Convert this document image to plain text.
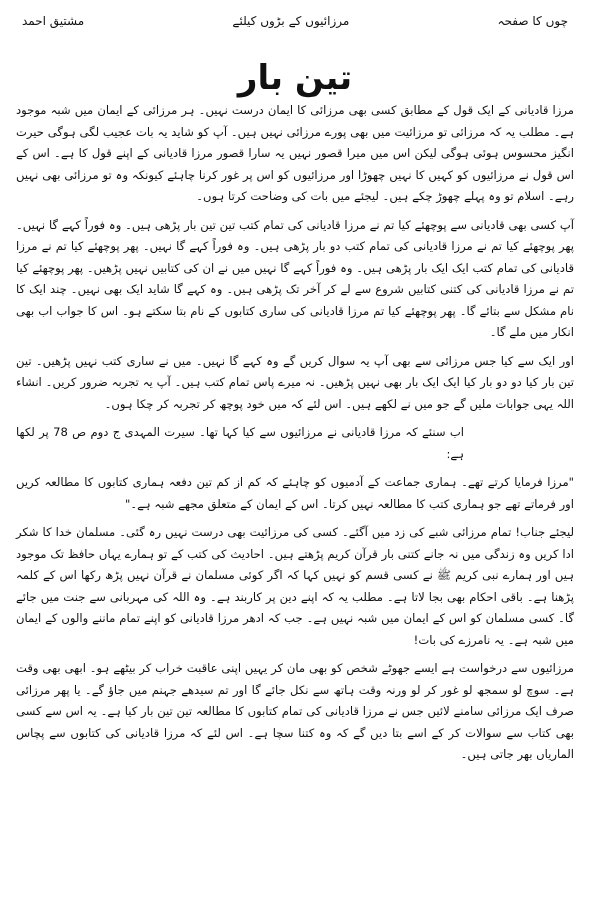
چوں کا صفحہ
مرزائیوں کے بڑوں کیلئے
مشتیق احمد
تین بار

مرزا قادیانی کے ایک قول کے مطابق کسی بھی مرزائی کا ایمان درست نہیں۔ ہر مرزائی کے ایمان میں شبہ موجود ہے۔ مطلب یہ کہ مرزائی تو مرزائیت میں بھی پورے مرزائی نہیں ہیں۔ آپ کو شاید یہ بات عجیب لگی ہوگی حیرت انگیز محسوس ہوئی ہوگی لیکن اس میں میرا قصور نہیں یہ سارا قصور مرزا قادیانی کے اپنے قول کا ہے۔ اس کے اس قول نے مرزائیوں کو کہیں کا نہیں چھوڑا اور مرزائیوں کو اس پر غور کرنا چاہئے کیونکہ وہ تو مرزائی بھی نہیں رہے۔ اسلام تو وہ پہلے چھوڑ چکے ہیں۔ لیجئے میں بات کی وضاحت کرتا ہوں۔

آپ کسی بھی قادیانی سے پوچھئے کیا تم نے مرزا قادیانی کی تمام کتب تین تین بار پڑھی ہیں۔ وہ فوراً کہے گا نہیں۔ پھر پوچھئے کیا تم نے مرزا قادیانی کی تمام کتب دو بار پڑھی ہیں۔ وہ فوراً کہے گا نہیں۔ پھر پوچھئے کیا تم نے مرزا قادیانی کی تمام کتب ایک ایک بار پڑھی ہیں۔ وہ فوراً کہے گا نہیں میں نے ان کی کتابیں نہیں پڑھیں۔ پھر پوچھئے کیا تم نے مرزا قادیانی کی کتنی کتابیں شروع سے لے کر آخر تک پڑھی ہیں۔ وہ کہے گا شاید ایک بھی نہیں۔ چند ایک کا نام مشکل سے بتائے گا۔ پھر پوچھئے کیا تم مرزا قادیانی کی ساری کتابوں کے نام بتا سکتے ہو۔ اس کا جواب اب بھی انکار میں ملے گا۔

اور ایک سے کیا جس مرزائی سے بھی آپ یہ سوال کریں گے وہ کہے گا نہیں۔ میں نے ساری کتب نہیں پڑھیں۔ تین تین بار کیا دو دو بار کیا ایک ایک بار بھی نہیں پڑھیں۔ نہ میرے پاس تمام کتب ہیں۔ آپ یہ تجربہ ضرور کریں۔ انشاء اللہ یہی جوابات ملیں گے جو میں نے لکھے ہیں۔ اس لئے کہ میں خود پوچھ کر تجربہ کر چکا ہوں۔

اب سنئے کہ مرزا قادیانی نے مرزائیوں سے کیا کہا تھا۔ سیرت المہدی ج دوم ص 78 پر لکھا ہے:

"مرزا فرمایا کرتے تھے۔ ہماری جماعت کے آدمیوں کو چاہئے کہ کم از کم تین دفعہ ہماری کتابوں کا مطالعہ کریں اور فرماتے تھے جو ہماری کتب کا مطالعہ نہیں کرتا۔ اس کے ایمان کے متعلق مجھے شبہ ہے۔"

لیجئے جناب! تمام مرزائی شبے کی زد میں آگئے۔ کسی کی مرزائیت بھی درست نہیں رہ گئی۔ مسلمان خدا کا شکر ادا کریں وہ زندگی میں نہ جانے کتنی بار قرآن کریم پڑھتے ہیں۔ احادیث کی کتب کے تو ہمارے یہاں حافظ تک موجود ہیں اور ہمارے نبی کریم ﷺ نے کسی قسم کو نہیں کہا کہ اگر کوئی مسلمان نے قرآن نہیں پڑھ رکھا اس کے کلمہ پڑھنا ہے۔ باقی احکام بھی بجا لاتا ہے۔ مطلب یہ کہ اپنے دین پر کاربند ہے۔ وہ اللہ کی مہربانی سے جنت میں جائے گا۔ کسی مسلمان کو اس کے ایمان میں شبہ نہیں ہے۔ جب کہ ادھر مرزا قادیانی کو اپنے تمام ماننے والوں کے ایمان میں شبہ ہے۔ یہ نامرزے کی بات!

مرزائیوں سے درخواست ہے ایسے جھوٹے شخص کو بھی مان کر یہیں اپنی عاقبت خراب کر بیٹھے ہو۔ ابھی بھی وقت ہے۔ سوچ لو سمجھ لو غور کر لو ورنہ وقت ہاتھ سے نکل جائے گا اور تم سیدھے جہنم میں جاؤ گے۔ یا پھر مرزائی صرف ایک مرزائی سامنے لائیں جس نے مرزا قادیانی کی تمام کتابوں کا مطالعہ تین تین بار کیا ہے۔ یہ اس سے کسی بھی کتاب سے سوالات کر کے اسے بتا دیں گے کہ وہ کتنا سچا ہے۔ اس لئے کہ مرزا قادیانی کی کتابوں سے پچاس الماریاں بھر جاتی ہیں۔
